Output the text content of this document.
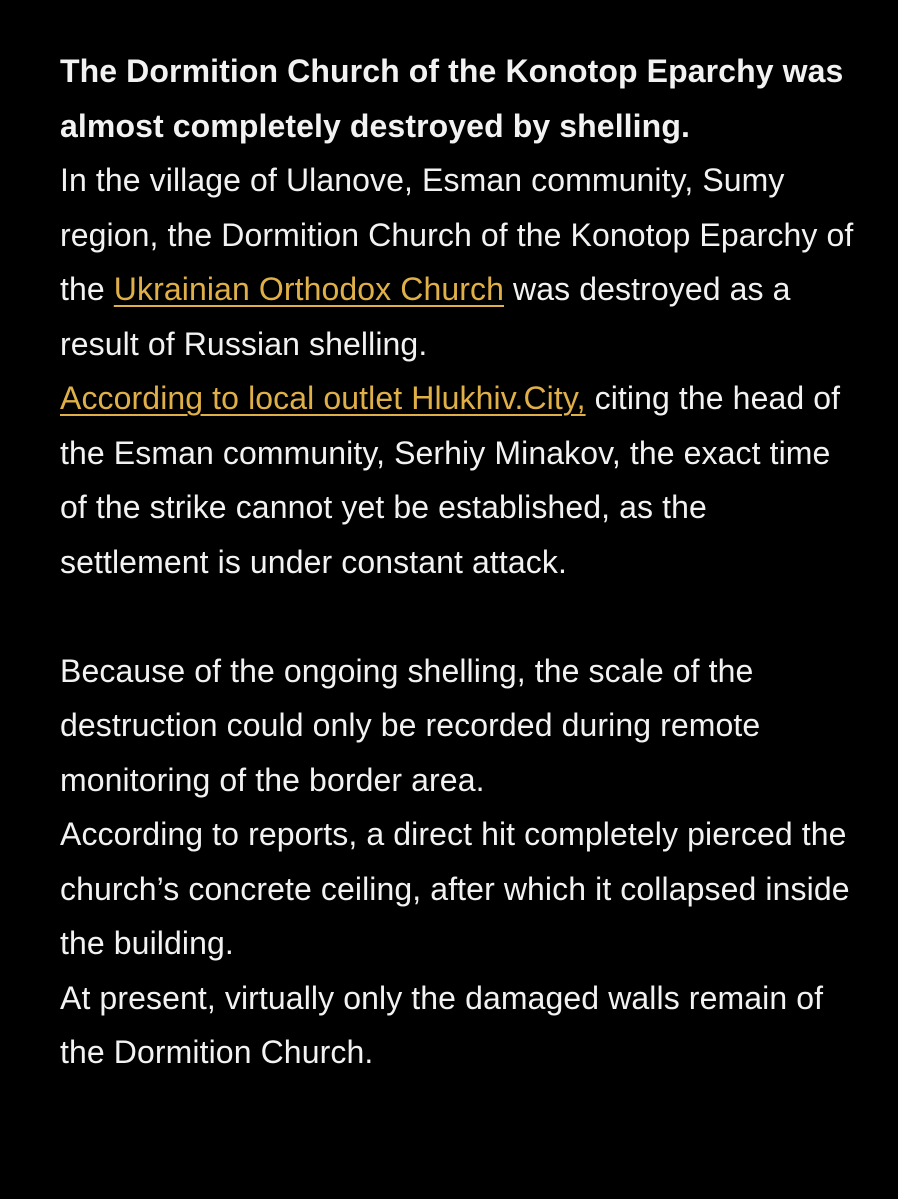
The Dormition Church of the Konotop Eparchy was almost completely destroyed by shelling.

In the village of Ulanove, Esman community, Sumy region, the Dormition Church of the Konotop Eparchy of the Ukrainian Orthodox Church was destroyed as a result of Russian shelling.

According to local outlet Hlukhiv.City, citing the head of the Esman community, Serhiy Minakov, the exact time of the strike cannot yet be established, as the settlement is under constant attack.

Because of the ongoing shelling, the scale of the destruction could only be recorded during remote monitoring of the border area.

According to reports, a direct hit completely pierced the church’s concrete ceiling, after which it collapsed inside the building.

At present, virtually only the damaged walls remain of the Dormition Church.
